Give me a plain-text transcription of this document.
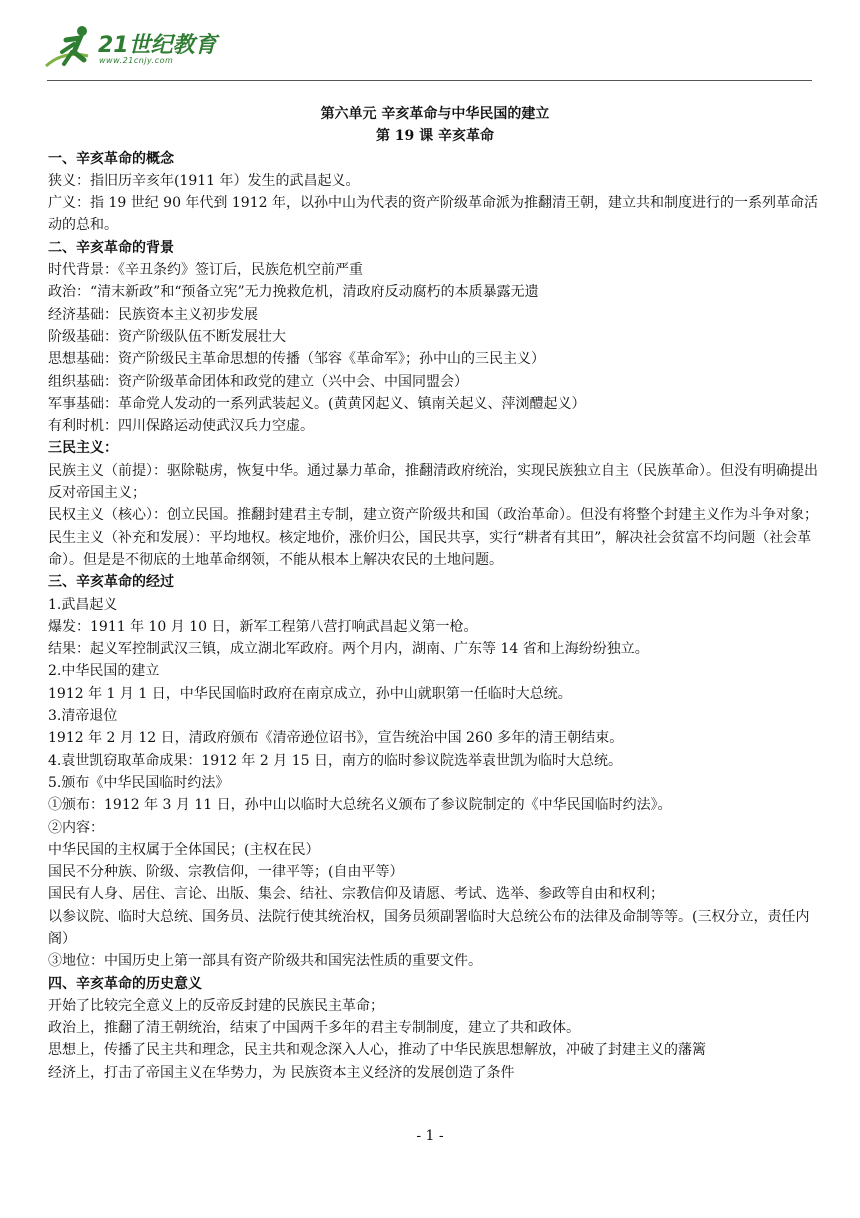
21世纪教育
www.21cnjy.com

第六单元 辛亥革命与中华民国的建立

第 19 课 辛亥革命

一、辛亥革命的概念

狭义：指旧历辛亥年(1911 年）发生的武昌起义。

广义：指 19 世纪 90 年代到 1912 年，以孙中山为代表的资产阶级革命派为推翻清王朝，建立共和制度进行的一系列革命活动的总和。

二、辛亥革命的背景

时代背景：《辛丑条约》签订后，民族危机空前严重

政治：“清末新政”和“预备立宪”无力挽救危机，清政府反动腐朽的本质暴露无遗

经济基础：民族资本主义初步发展

阶级基础：资产阶级队伍不断发展壮大

思想基础：资产阶级民主革命思想的传播（邹容《革命军》；孙中山的三民主义）

组织基础：资产阶级革命团体和政党的建立（兴中会、中国同盟会）

军事基础：革命党人发动的一系列武装起义。(黄黄冈起义、镇南关起义、萍浏醴起义）

有利时机：四川保路运动使武汉兵力空虚。

三民主义：

民族主义（前提）：驱除鞑虏，恢复中华。通过暴力革命，推翻清政府统治，实现民族独立自主（民族革命）。但没有明确提出反对帝国主义；

民权主义（核心）：创立民国。推翻封建君主专制，建立资产阶级共和国（政治革命）。但没有将整个封建主义作为斗争对象；

民生主义（补充和发展）：平均地权。核定地价，涨价归公，国民共享，实行“耕者有其田”，解决社会贫富不均问题（社会革命）。但是是不彻底的土地革命纲领，不能从根本上解决农民的土地问题。

三、辛亥革命的经过

1.武昌起义

爆发：1911 年 10 月 10 日，新军工程第八营打响武昌起义第一枪。

结果：起义军控制武汉三镇，成立湖北军政府。两个月内，湖南、广东等 14 省和上海纷纷独立。

2.中华民国的建立

1912 年 1 月 1 日，中华民国临时政府在南京成立，孙中山就职第一任临时大总统。

3.清帝退位

1912 年 2 月 12 日，清政府颁布《清帝逊位诏书》，宣告统治中国 260 多年的清王朝结束。

4.袁世凯窃取革命成果：1912 年 2 月 15 日，南方的临时参议院选举袁世凯为临时大总统。

5.颁布《中华民国临时约法》

①颁布：1912 年 3 月 11 日，孙中山以临时大总统名义颁布了参议院制定的《中华民国临时约法》。

②内容：

中华民国的主权属于全体国民；(主权在民）

国民不分种族、阶级、宗教信仰，一律平等；(自由平等）

国民有人身、居住、言论、出版、集会、结社、宗教信仰及请愿、考试、选举、参政等自由和权利；

以参议院、临时大总统、国务员、法院行使其统治权，国务员须副署临时大总统公布的法律及命制等等。(三权分立，责任内阁）

③地位：中国历史上第一部具有资产阶级共和国宪法性质的重要文件。

四、辛亥革命的历史意义

开始了比较完全意义上的反帝反封建的民族民主革命；

政治上，推翻了清王朝统治，结束了中国两千多年的君主专制制度，建立了共和政体。

思想上，传播了民主共和理念，民主共和观念深入人心，推动了中华民族思想解放，冲破了封建主义的藩篱

经济上，打击了帝国主义在华势力，为 民族资本主义经济的发展创造了条件

- 1 -
